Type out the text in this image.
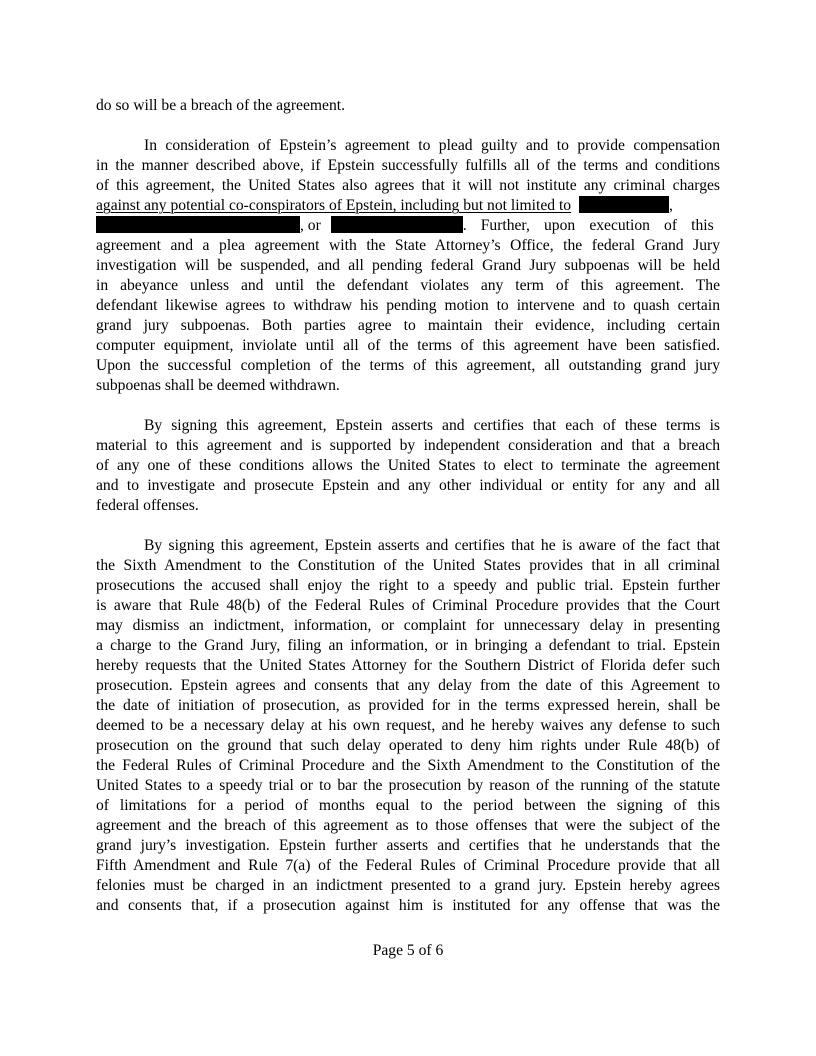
do so will be a breach of the agreement.
In consideration of Epstein’s agreement to plead guilty and to provide compensation
in the manner described above, if Epstein successfully fulfills all of the terms and conditions
of this agreement, the United States also agrees that it will not institute any criminal charges
against any potential co-conspirators of Epstein, including but not limited to	,
, or	. Further, upon execution of this
agreement and a plea agreement with the State Attorney’s Office, the federal Grand Jury
investigation will be suspended, and all pending federal Grand Jury subpoenas will be held
in abeyance unless and until the defendant violates any term of this agreement. The
defendant likewise agrees to withdraw his pending motion to intervene and to quash certain
grand jury subpoenas. Both parties agree to maintain their evidence, including certain
computer equipment, inviolate until all of the terms of this agreement have been satisfied.
Upon the successful completion of the terms of this agreement, all outstanding grand jury
subpoenas shall be deemed withdrawn.
By signing this agreement, Epstein asserts and certifies that each of these terms is
material to this agreement and is supported by independent consideration and that a breach
of any one of these conditions allows the United States to elect to terminate the agreement
and to investigate and prosecute Epstein and any other individual or entity for any and all
federal offenses.
By signing this agreement, Epstein asserts and certifies that he is aware of the fact that
the Sixth Amendment to the Constitution of the United States provides that in all criminal
prosecutions the accused shall enjoy the right to a speedy and public trial. Epstein further
is aware that Rule 48(b) of the Federal Rules of Criminal Procedure provides that the Court
may dismiss an indictment, information, or complaint for unnecessary delay in presenting
a charge to the Grand Jury, filing an information, or in bringing a defendant to trial. Epstein
hereby requests that the United States Attorney for the Southern District of Florida defer such
prosecution. Epstein agrees and consents that any delay from the date of this Agreement to
the date of initiation of prosecution, as provided for in the terms expressed herein, shall be
deemed to be a necessary delay at his own request, and he hereby waives any defense to such
prosecution on the ground that such delay operated to deny him rights under Rule 48(b) of
the Federal Rules of Criminal Procedure and the Sixth Amendment to the Constitution of the
United States to a speedy trial or to bar the prosecution by reason of the running of the statute
of limitations for a period of months equal to the period between the signing of this
agreement and the breach of this agreement as to those offenses that were the subject of the
grand jury’s investigation. Epstein further asserts and certifies that he understands that the
Fifth Amendment and Rule 7(a) of the Federal Rules of Criminal Procedure provide that all
felonies must be charged in an indictment presented to a grand jury. Epstein hereby agrees
and consents that, if a prosecution against him is instituted for any offense that was the
Page 5 of 6
